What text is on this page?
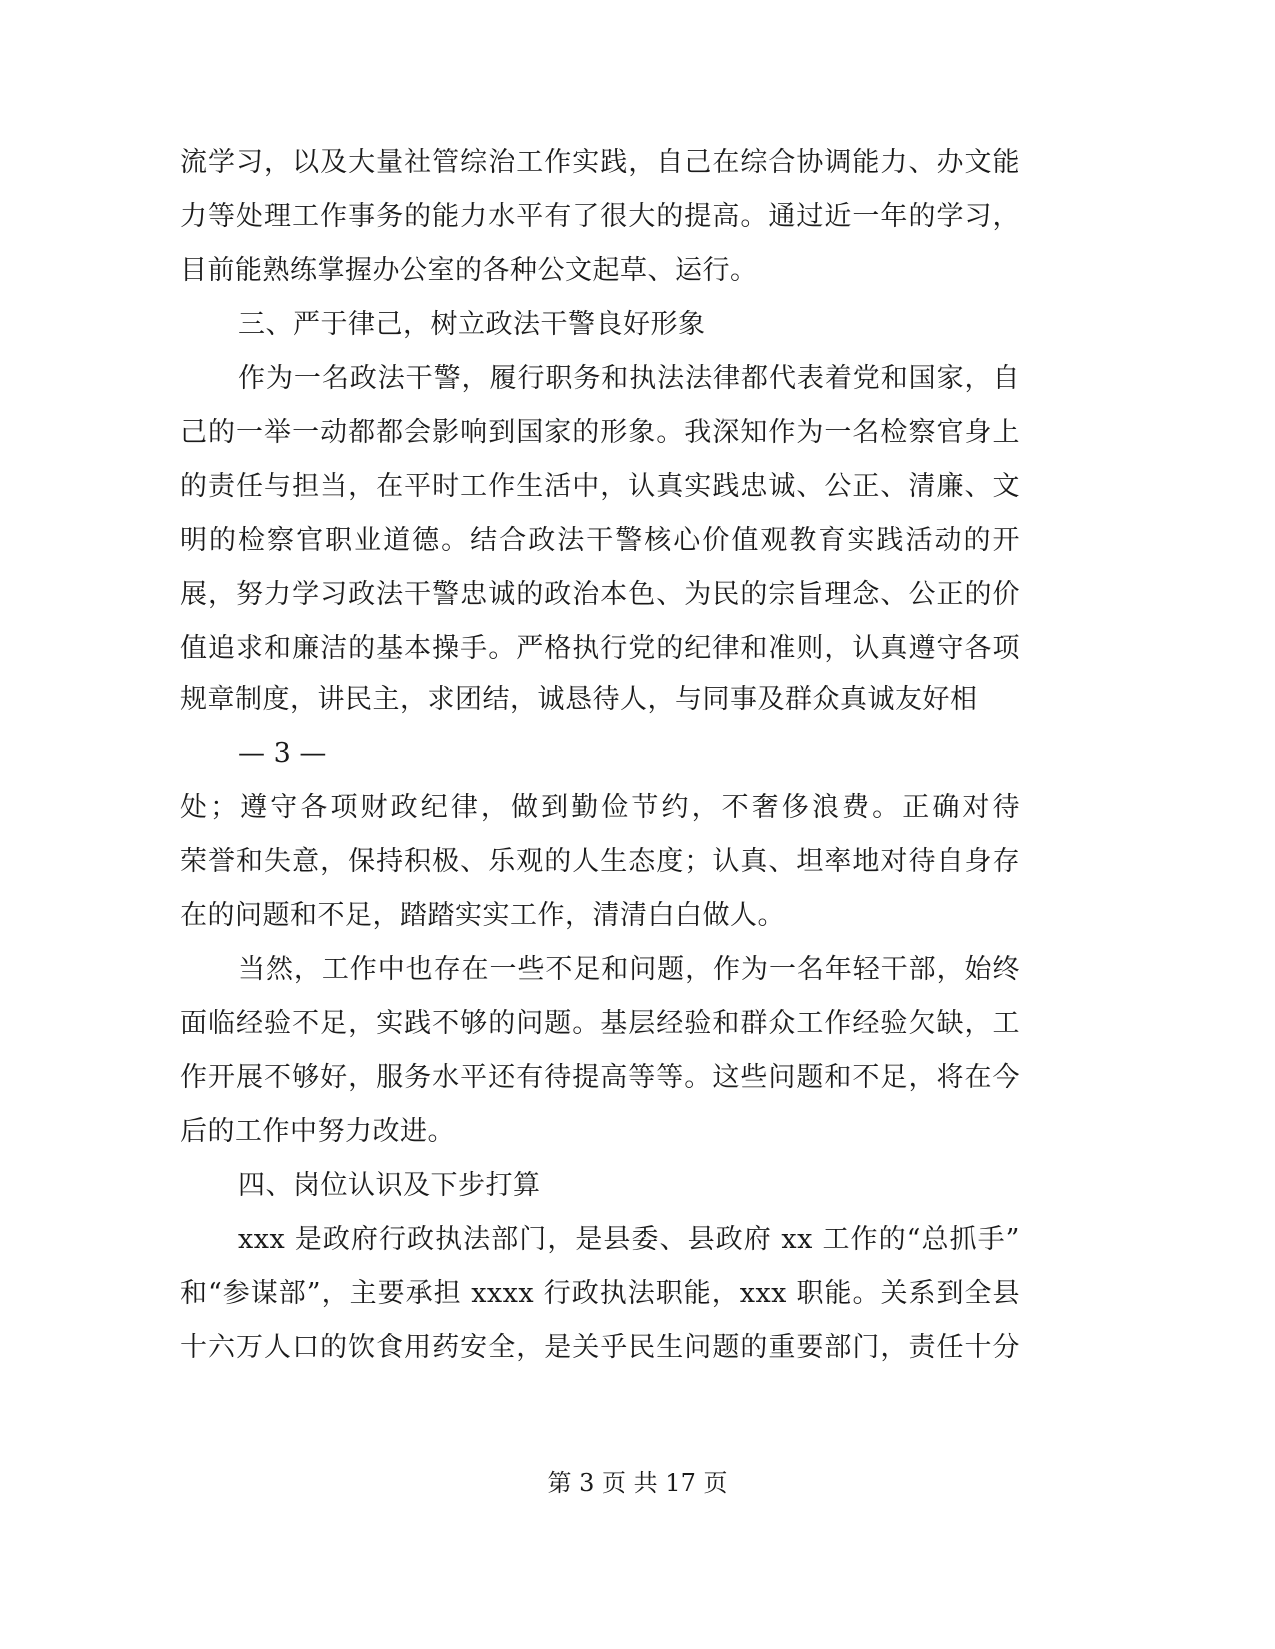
流学习，以及大量社管综治工作实践，自己在综合协调能力、办文能
力等处理工作事务的能力水平有了很大的提高。通过近一年的学习，
目前能熟练掌握办公室的各种公文起草、运行。
三、严于律己，树立政法干警良好形象
作为一名政法干警，履行职务和执法法律都代表着党和国家，自
己的一举一动都都会影响到国家的形象。我深知作为一名检察官身上
的责任与担当，在平时工作生活中，认真实践忠诚、公正、清廉、文
明的检察官职业道德。结合政法干警核心价值观教育实践活动的开
展，努力学习政法干警忠诚的政治本色、为民的宗旨理念、公正的价
值追求和廉洁的基本操手。严格执行党的纪律和准则，认真遵守各项
规章制度，讲民主，求团结，诚恳待人，与同事及群众真诚友好相
— 3 —
处；遵守各项财政纪律，做到勤俭节约，不奢侈浪费。正确对待
荣誉和失意，保持积极、乐观的人生态度；认真、坦率地对待自身存
在的问题和不足，踏踏实实工作，清清白白做人。
当然，工作中也存在一些不足和问题，作为一名年轻干部，始终
面临经验不足，实践不够的问题。基层经验和群众工作经验欠缺，工
作开展不够好，服务水平还有待提高等等。这些问题和不足，将在今
后的工作中努力改进。
四、岗位认识及下步打算
xxx 是政府行政执法部门，是县委、县政府 xx 工作的“总抓手”
和“参谋部”，主要承担 xxxx 行政执法职能，xxx 职能。关系到全县
十六万人口的饮食用药安全，是关乎民生问题的重要部门，责任十分
第 3 页 共 17 页
